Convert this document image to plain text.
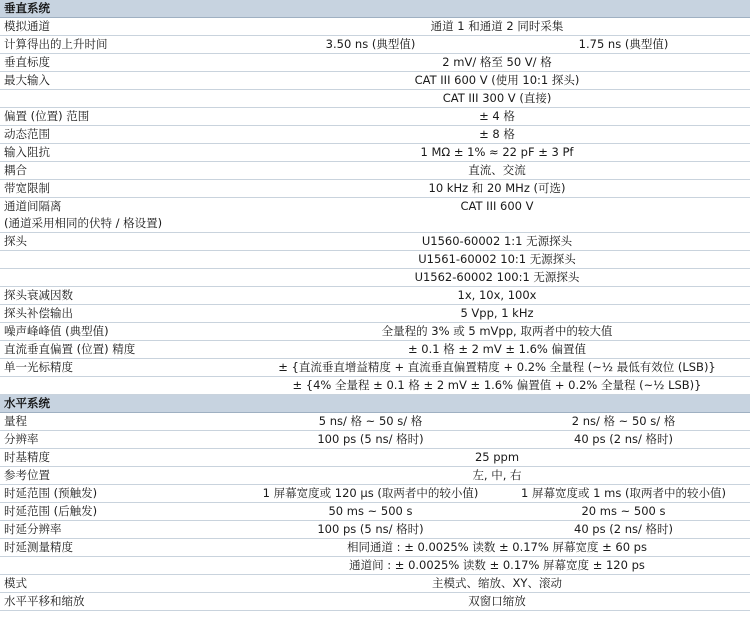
垂直系统		
模拟通道	通道 1 和通道 2 同时采集	
计算得出的上升时间	3.50 ns (典型值)	1.75 ns (典型值)
垂直标度	2 mV/ 格至 50 V/ 格	
最大输入	CAT III 600 V (使用 10:1 探头)	
	CAT III 300 V (直接)	
偏置 (位置) 范围	± 4 格	
动态范围	± 8 格	
输入阻抗	1 MΩ ± 1% ≈ 22 pF ± 3 Pf	
耦合	直流、交流	
带宽限制	10 kHz 和 20 MHz (可选)	

通道间隔离
(通道采用相同的伏特 / 格设置)	CAT III 600 V	
探头	U1560-60002 1:1 无源探头	
	U1561-60002 10:1 无源探头	
	U1562-60002 100:1 无源探头	
探头衰减因数	1x, 10x, 100x	
探头补偿输出	5 Vpp, 1 kHz	
噪声峰峰值 (典型值)	全量程的 3% 或 5 mVpp, 取两者中的较大值	
直流垂直偏置 (位置) 精度	± 0.1 格 ± 2 mV ± 1.6% 偏置值	
单一光标精度	± {直流垂直增益精度 + 直流垂直偏置精度 + 0.2% 全量程 (~½ 最低有效位 (LSB)}	
	± {4% 全量程 ± 0.1 格 ± 2 mV ± 1.6% 偏置值 + 0.2% 全量程 (~½ LSB)}	
水平系统		
量程	5 ns/ 格 ~ 50 s/ 格	2 ns/ 格 ~ 50 s/ 格
分辨率	100 ps (5 ns/ 格时)	40 ps (2 ns/ 格时)
时基精度	25 ppm	
参考位置	左, 中, 右	
时延范围 (预触发)	1 屏幕宽度或 120 μs (取两者中的较小值)	1 屏幕宽度或 1 ms (取两者中的较小值)
时延范围 (后触发)	50 ms ~ 500 s	20 ms ~ 500 s
时延分辨率	100 ps (5 ns/ 格时)	40 ps (2 ns/ 格时)
时延测量精度	相同通道 : ± 0.0025% 读数 ± 0.17% 屏幕宽度 ± 60 ps	
	通道间 : ± 0.0025% 读数 ± 0.17% 屏幕宽度 ± 120 ps	
模式	主模式、缩放、XY、滚动	
水平平移和缩放	双窗口缩放	
